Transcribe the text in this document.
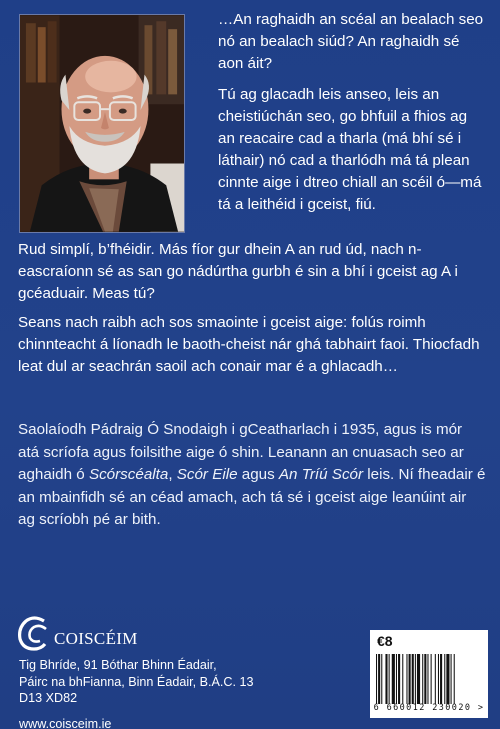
…An raghaidh an scéal an bealach seo nó an bealach siúd? An raghaidh sé aon áit?

Tú ag glacadh leis anseo, leis an cheistiúchán seo, go bhfuil a fhios ag an reacaire cad a tharla (má bhí sé i láthair) nó cad a tharlódh má tá plean cinnte aige i dtreo chiall an scéil ó—má tá a leithéid i gceist, fiú.

Rud simplí, b’fhéidir. Más fíor gur dhein A an rud úd, nach n-eascraíonn sé as san go nádúrtha gurbh é sin a bhí i gceist ag A i gcéaduair. Meas tú?

Seans nach raibh ach sos smaointe i gceist aige: folús roimh chinnteacht á líonadh le baoth-cheist nár ghá tabhairt faoi. Thiocfadh leat dul ar seachrán saoil ach conair mar é a ghlacadh…

Saolaíodh Pádraig Ó Snodaigh i gCeatharlach i 1935, agus is mór atá scríofa agus foilsithe aige ó shin. Leanann an cnuasach seo ar aghaidh ó Scórscéalta, Scór Eile agus An Tríú Scór leis. Ní fheadair é an mbainfidh sé an céad amach, ach tá sé i gceist aige leanúint air ag scríobh pé ar bith.

COISCÉIM
Tig Bhríde, 91 Bóthar Bhinn Éadair,
Páirc na bhFianna, Binn Éadair, B.Á.C. 13
D13 XD82
www.coisceim.ie
€8
6 660012 230020 >
